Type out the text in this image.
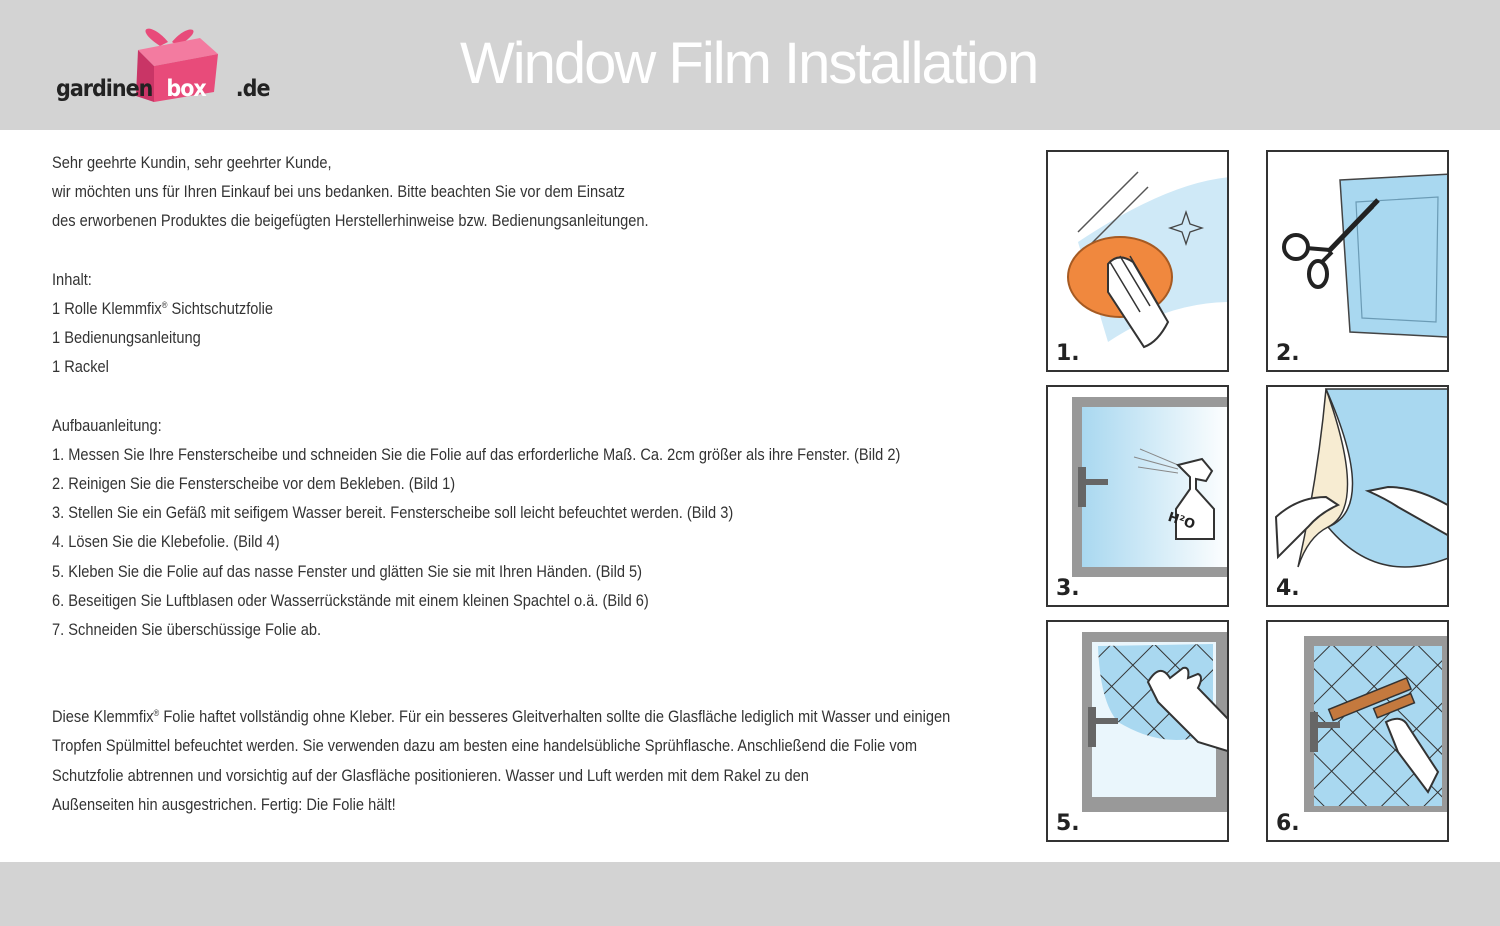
gardinen box .de	Window Film Installation
Sehr geehrte Kundin, sehr geehrter Kunde,
wir möchten uns für Ihren Einkauf bei uns bedanken. Bitte beachten Sie vor dem Einsatz
des erworbenen Produktes die beigefügten Herstellerhinweise bzw. Bedienungsanleitungen.
Inhalt:
1 Rolle Klemmfix® Sichtschutzfolie
1 Bedienungsanleitung
1 Rackel
Aufbauanleitung:
1. Messen Sie Ihre Fensterscheibe und schneiden Sie die Folie auf das erforderliche Maß. Ca. 2cm größer als ihre Fenster. (Bild 2)
2. Reinigen Sie die Fensterscheibe vor dem Bekleben. (Bild 1)
3. Stellen Sie ein Gefäß mit seifigem Wasser bereit. Fensterscheibe soll leicht befeuchtet werden. (Bild 3)
4. Lösen Sie die Klebefolie. (Bild 4)
5. Kleben Sie die Folie auf das nasse Fenster und glätten Sie sie mit Ihren Händen. (Bild 5)
6. Beseitigen Sie Luftblasen oder Wasserrückstände mit einem kleinen Spachtel o.ä. (Bild 6)
7. Schneiden Sie überschüssige Folie ab.
Diese Klemmfix® Folie haftet vollständig ohne Kleber. Für ein besseres Gleitverhalten sollte die Glasfläche lediglich mit Wasser und einigen
Tropfen Spülmittel befeuchtet werden. Sie verwenden dazu am besten eine handelsübliche Sprühflasche. Anschließend die Folie vom
Schutzfolie abtrennen und vorsichtig auf der Glasfläche positionieren. Wasser und Luft werden mit dem Rakel zu den
Außenseiten hin ausgestrichen. Fertig: Die Folie hält!
1.	2.
H²O
3.	4.
5.	6.
